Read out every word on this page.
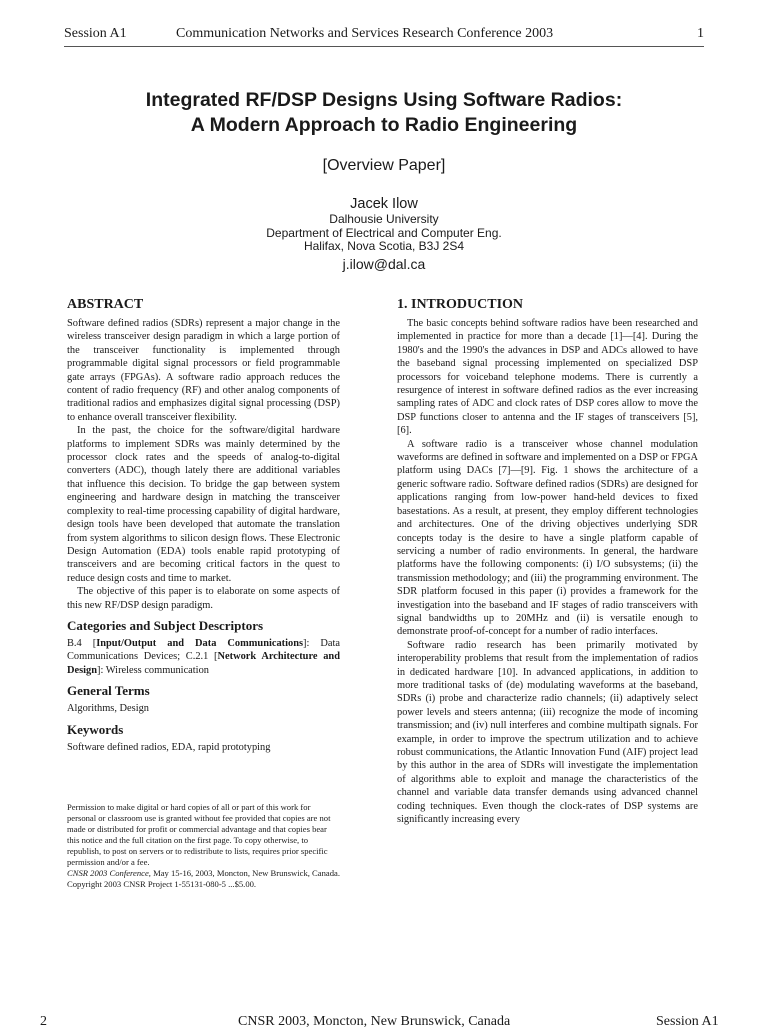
Session A1	Communication Networks and Services Research Conference 2003	1
Integrated RF/DSP Designs Using Software Radios:
A Modern Approach to Radio Engineering
[Overview Paper]
Jacek Ilow
Dalhousie University
Department of Electrical and Computer Eng.
Halifax, Nova Scotia, B3J 2S4
j.ilow@dal.ca
ABSTRACT

Software defined radios (SDRs) represent a major change in the wireless transceiver design paradigm in which a large portion of the transceiver functionality is implemented through programmable digital signal processors or field programmable gate arrays (FPGAs). A software radio approach reduces the content of radio frequency (RF) and other analog components of traditional radios and emphasizes digital signal processing (DSP) to enhance overall transceiver flexibility.

In the past, the choice for the software/digital hardware platforms to implement SDRs was mainly determined by the processor clock rates and the speeds of analog-to-digital converters (ADC), though lately there are additional variables that influence this decision. To bridge the gap between system engineering and hardware design in matching the transceiver complexity to real-time processing capability of digital hardware, design tools have been developed that automate the translation from system algorithms to silicon design flows. These Electronic Design Automation (EDA) tools enable rapid prototyping of transceivers and are becoming critical factors in the quest to reduce design costs and time to market.

The objective of this paper is to elaborate on some aspects of this new RF/DSP design paradigm.

Categories and Subject Descriptors

B.4 [Input/Output and Data Communications]: Data Communications Devices; C.2.1 [Network Architecture and Design]: Wireless communication

General Terms

Algorithms, Design

Keywords

Software defined radios, EDA, rapid prototyping

Permission to make digital or hard copies of all or part of this work for personal or classroom use is granted without fee provided that copies are not made or distributed for profit or commercial advantage and that copies bear this notice and the full citation on the first page. To copy otherwise, to republish, to post on servers or to redistribute to lists, requires prior specific permission and/or a fee.

CNSR 2003 Conference, May 15-16, 2003, Moncton, New Brunswick, Canada.

Copyright 2003 CNSR Project 1-55131-080-5 ...$5.00.

1. INTRODUCTION

The basic concepts behind software radios have been researched and implemented in practice for more than a decade [1]—[4]. During the 1980's and the 1990's the advances in DSP and ADCs allowed to have the baseband signal processing implemented on specialized DSP processors for voiceband telephone modems. There is currently a resurgence of interest in software defined radios as the ever increasing sampling rates of ADC and clock rates of DSP cores allow to move the DSP functions closer to antenna and the IF stages of transceivers [5], [6].

A software radio is a transceiver whose channel modulation waveforms are defined in software and implemented on a DSP or FPGA platform using DACs [7]—[9]. Fig. 1 shows the architecture of a generic software radio. Software defined radios (SDRs) are designed for applications ranging from low-power hand-held devices to fixed basestations. As a result, at present, they employ different technologies and architectures. One of the driving objectives underlying SDR concepts today is the desire to have a single platform capable of servicing a number of radio environments. In general, the hardware platforms have the following components: (i) I/O subsystems; (ii) the transmission methodology; and (iii) the programming environment. The SDR platform focused in this paper (i) provides a framework for the investigation into the baseband and IF stages of radio transceivers with signal bandwidths up to 20MHz and (ii) is versatile enough to demonstrate proof-of-concept for a number of radio interfaces.

Software radio research has been primarily motivated by interoperability problems that result from the implementation of radios in dedicated hardware [10]. In advanced applications, in addition to more traditional tasks of (de) modulating waveforms at the baseband, SDRs (i) probe and characterize radio channels; (ii) adaptively select power levels and steers antenna; (iii) recognize the mode of incoming transmission; and (iv) null interferes and combine multipath signals. For example, in order to improve the spectrum utilization and to achieve robust communications, the Atlantic Innovation Fund (AIF) project lead by this author in the area of SDRs will investigate the implementation of algorithms able to exploit and manage the characteristics of the channel and variable data transfer demands using advanced channel coding techniques. Even though the clock-rates of DSP systems are significantly increasing every

2	CNSR 2003, Moncton, New Brunswick, Canada	Session A1
